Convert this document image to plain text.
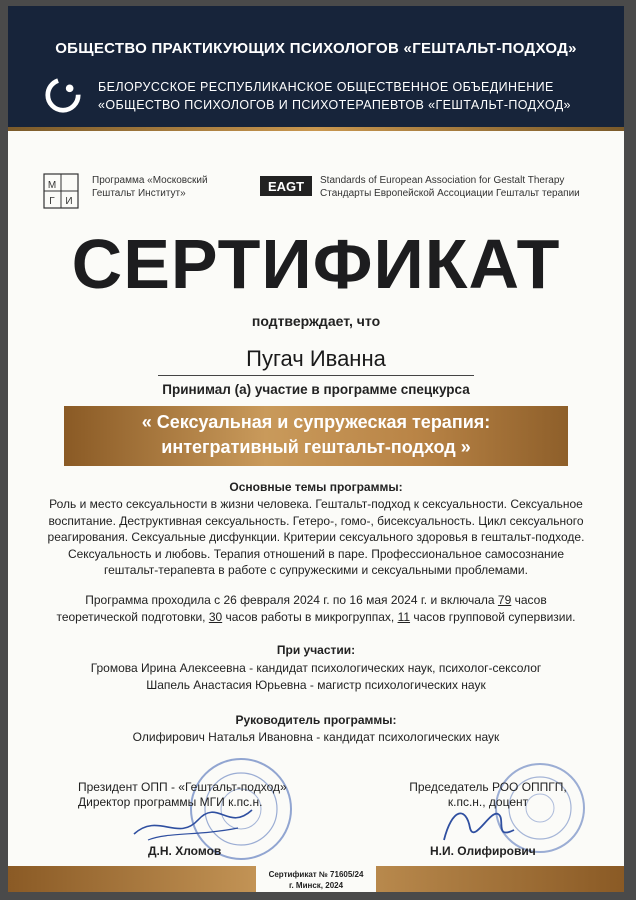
ОБЩЕСТВО ПРАКТИКУЮЩИХ ПСИХОЛОГОВ «ГЕШТАЛЬТ-ПОДХОД»
БЕЛОРУССКОЕ РЕСПУБЛИКАНСКОЕ ОБЩЕСТВЕННОЕ ОБЪЕДИНЕНИЕ
«ОБЩЕСТВО ПСИХОЛОГОВ И ПСИХОТЕРАПЕВТОВ «ГЕШТАЛЬТ-ПОДХОД»
М
И
Г
Программа «Московский
Гештальт Институт»	EAGT Standards of European Association for Gestalt Therapy
Стандарты Европейской Ассоциации Гештальт терапии
СЕРТИФИКАТ
подтверждает, что
Пугач Иванна
Принимал (а) участие в программе спецкурса
« Сексуальная и супружеская терапия:
интегративный гештальт-подход »
Основные темы программы:
Роль и место сексуальности в жизни человека. Гештальт-подход к сексуальности. Сексуальное воспитание. Деструктивная сексуальность. Гетеро-, гомо-, бисексуальность. Цикл сексуального реагирования. Сексуальные дисфункции. Критерии сексуального здоровья в гештальт-подходе. Сексуальность и любовь. Терапия отношений в паре. Профессиональное самосознание гештальт-терапевта в работе с супружескими и сексуальными проблемами.
Программа проходила с 26 февраля 2024 г. по 16 мая 2024 г. и включала 79 часов теоретической подготовки, 30 часов работы в микрогруппах, 11 часов групповой супервизии.
При участии:
Громова Ирина Алексеевна - кандидат психологических наук, психолог-сексолог
Шапель Анастасия Юрьевна - магистр психологических наук
Руководитель программы:
Олифирович Наталья Ивановна - кандидат психологических наук
Президент ОПП - «Гештальт-подход»
Директор программы МГИ к.пс.н.
Председатель РОО ОППГП,
к.пс.н., доцент
Д.Н. Хломов	Н.И. Олифирович
Сертификат № 71605/24
г. Минск, 2024
